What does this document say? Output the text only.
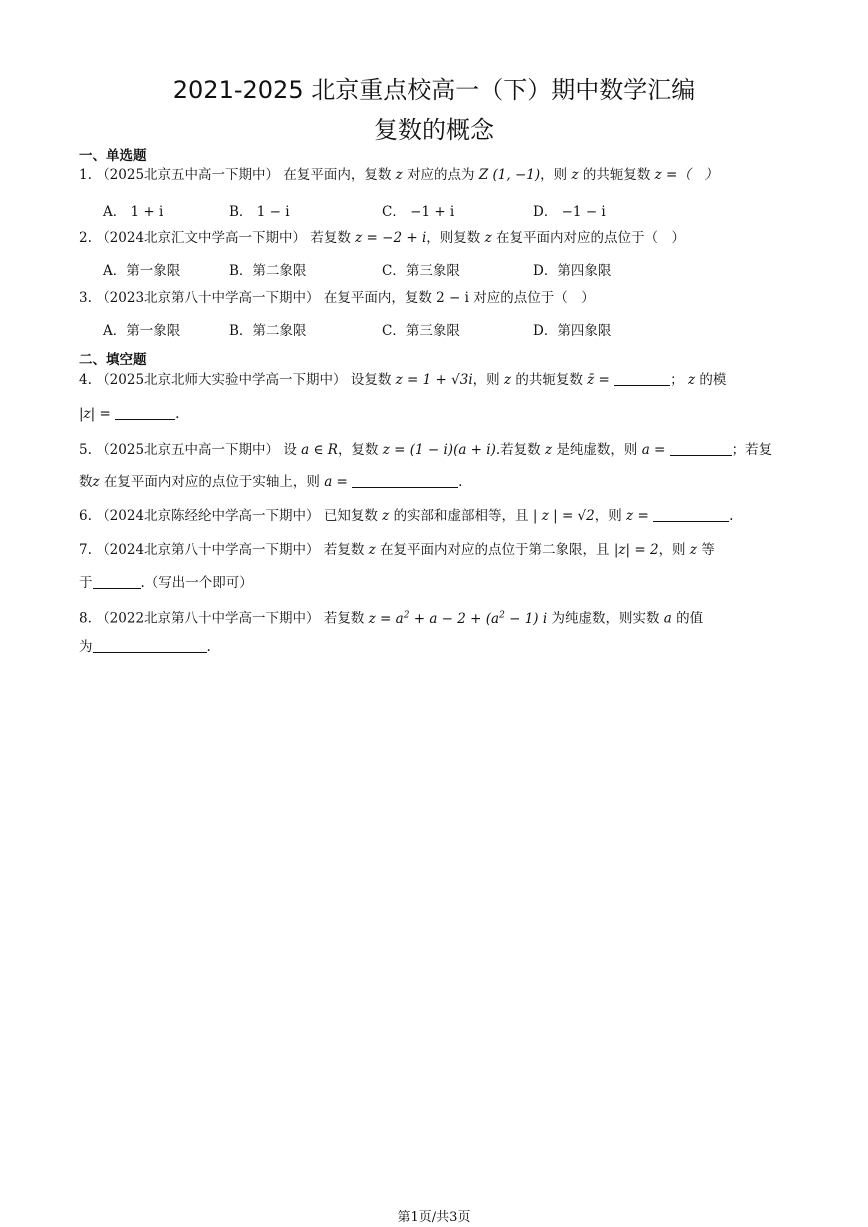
2021-2025 北京重点校高一（下）期中数学汇编
复数的概念
一、单选题
1. （2025北京五中高一下期中） 在复平面内，复数 z 对应的点为 Z (1, −1)，则 z 的共轭复数 z =（　）
A． 1 + i	B． 1 − i	C． −1 + i	D． −1 − i
2. （2024北京汇文中学高一下期中） 若复数 z = −2 + i，则复数 z 在复平面内对应的点位于（　）
A．第一象限	B．第二象限	C．第三象限	D．第四象限
3. （2023北京第八十中学高一下期中） 在复平面内，复数 2 − i 对应的点位于（　）
A．第一象限	B．第二象限	C．第三象限	D．第四象限
二、填空题
4. （2025北京北师大实验中学高一下期中） 设复数 z = 1 + √3i，则 z 的共轭复数 z̄ =	； z 的模
|z| =	.
5. （2025北京五中高一下期中） 设 a ∈ R，复数 z = (1 − i)(a + i).若复数 z 是纯虚数，则 a =	；若复
数z 在复平面内对应的点位于实轴上，则 a =	.
6. （2024北京陈经纶中学高一下期中） 已知复数 z 的实部和虚部相等，且 | z | = √2，则 z =	.
7. （2024北京第八十中学高一下期中） 若复数 z 在复平面内对应的点位于第二象限，且 |z| = 2，则 z 等
于	.（写出一个即可）
8. （2022北京第八十中学高一下期中） 若复数 $z = a^2 + a - 2 + (a^2 - 1)$ i 为纯虚数，则实数 a 的值
为	.
第1页/共3页
